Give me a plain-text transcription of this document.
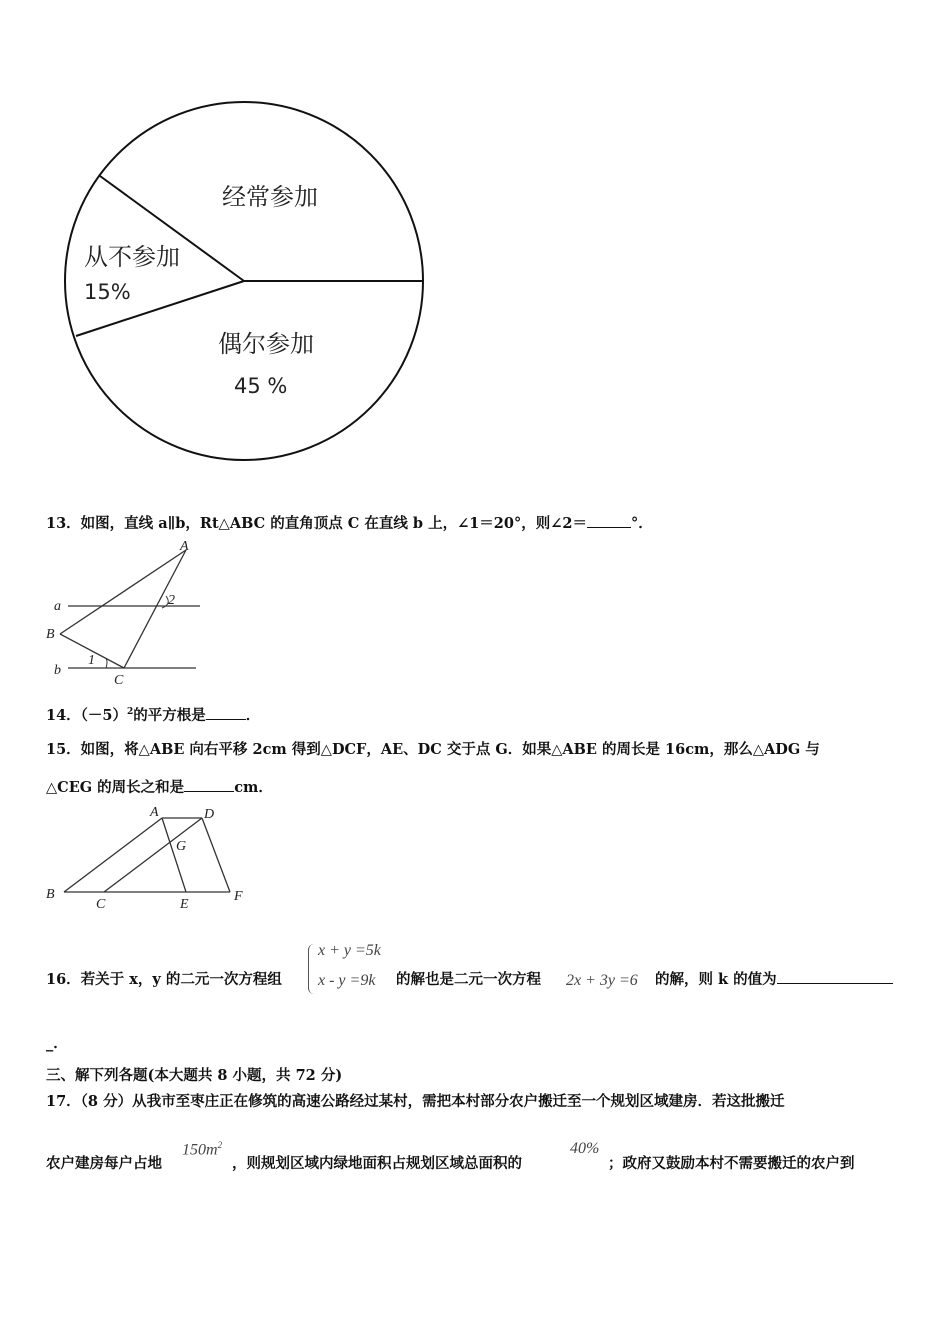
经常参加
从不参加
15%
偶尔参加
45 %
13．如图，直线 a∥b，Rt△ABC 的直角顶点 C 在直线 b 上，∠1＝20°，则∠2＝	°．
A
a	2
B
1
b
C
14．$(-5)^2$的平方根是	．
15．如图，将△ABE 向右平移 2cm 得到△DCF，AE、DC 交于点 G．如果△ABE 的周长是 16cm，那么△ADG 与
△CEG 的周长之和是	cm．
A	D
G
B
C	E
F
16．若关于 x，y 的二元一次方程组
x + y =5k
x - y =9k 的解也是二元一次方程 2x + 3y =6 的解，则 k 的值为
_．
三、解下列各题(本大题共 8 小题，共 72 分)
17．（8 分）从我市至枣庄正在修筑的高速公路经过某村，需把本村部分农户搬迁至一个规划区域建房．若这批搬迁
农户建房每户占地
$150m^2$
，则规划区域内绿地面积占规划区域总面积的
40%
；政府又鼓励本村不需要搬迁的农户到
